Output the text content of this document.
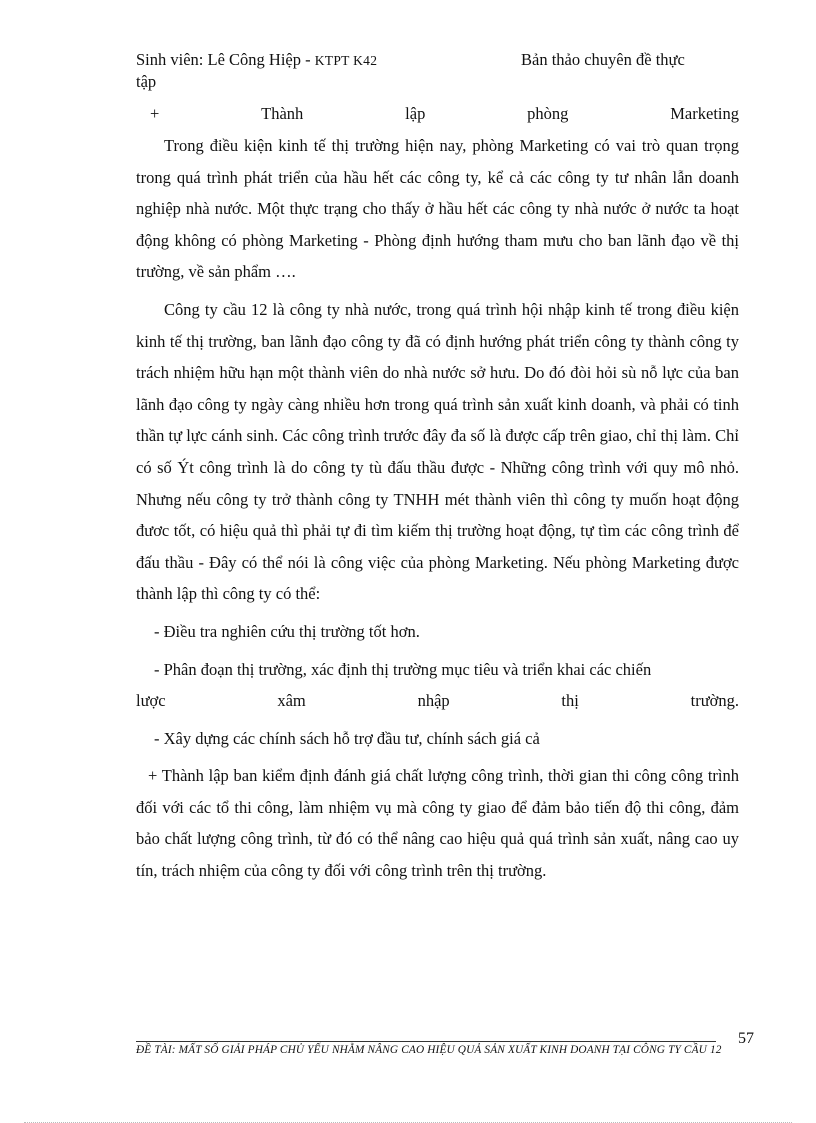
Sinh viên: Lê Công Hiệp - KTPT K42	Bản thảo chuyên đề thực
tập
+	Thành	lập	phòng	Marketing

Trong điều kiện kinh tế thị trường hiện nay, phòng Marketing có vai trò quan trọng trong quá trình phát triển của hầu hết các công ty, kể cả các công ty tư nhân lẫn doanh nghiệp nhà nước. Một thực trạng cho thấy ở hầu hết các công ty nhà nước ở nước ta hoạt động không có phòng Marketing - Phòng định hướng tham mưu cho ban lãnh đạo về thị trường, về sản phẩm ….

Công ty cầu 12 là công ty nhà nước, trong quá trình hội nhập kinh tế trong điều kiện kinh tế thị trường, ban lãnh đạo công ty đã có định hướng phát triển công ty thành công ty trách nhiệm hữu hạn một thành viên do nhà nước sở hưu. Do đó đòi hỏi sù nỗ lực của ban lãnh đạo công ty ngày càng nhiều hơn trong quá trình sản xuất kinh doanh, và phải có tinh thần tự lực cánh sinh. Các công trình trước đây đa số là được cấp trên giao, chỉ thị làm. Chỉ có số Ýt công trình là do công ty tù đấu thầu được - Những công trình với quy mô nhỏ. Nhưng nếu công ty trở thành công ty TNHH mét thành viên thì công ty muốn hoạt động đươc tốt, có hiệu quả thì phải tự đi tìm kiếm thị trường hoạt động, tự tìm các công trình để đấu thầu - Đây có thể nói là công việc của phòng Marketing. Nếu phòng Marketing được thành lập thì công ty có thể:

- Điều tra nghiên cứu thị trường tốt hơn.

- Phân đoạn thị trường, xác định thị trường mục tiêu và triển khai các chiến

lược	xâm	nhập	thị	trường.

- Xây dựng các chính sách hỗ trợ đầu tư, chính sách giá cả

+ Thành lập ban kiểm định đánh giá chất lượng công trình, thời gian thi công công trình đối với các tổ thi công, làm nhiệm vụ mà công ty giao để đảm bảo tiến độ thi công, đảm bảo chất lượng công trình, từ đó có thể nâng cao hiệu quả quá trình sản xuất, nâng cao uy tín, trách nhiệm của công ty đối với công trình trên thị trường.

57
ĐỀ TÀI: MẤT SỐ GIẢI PHÁP CHỦ YẾU NHẰM NÂNG CAO HIỆU QUẢ SẢN XUẤT KINH DOANH TẠI CÔNG TY CẦU 12
